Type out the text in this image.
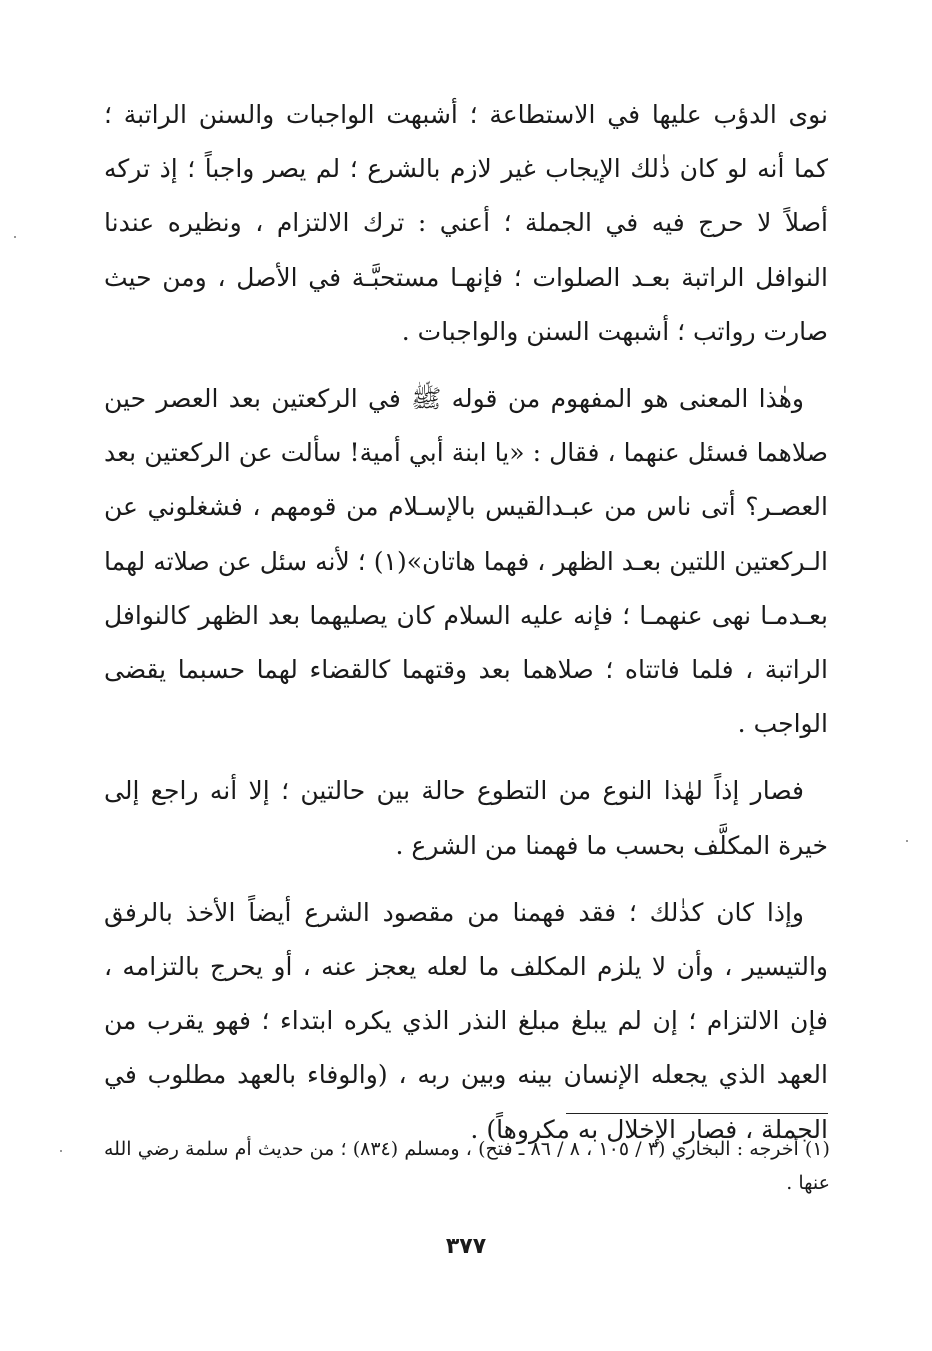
نوى الدؤب عليها في الاستطاعة ؛ أشبهت الواجبات والسنن الراتبة ؛ كما أنه لو كان ذٰلك الإيجاب غير لازم بالشرع ؛ لم يصر واجباً ؛ إذ تركه أصلاً لا حرج فيه في الجملة ؛ أعني : ترك الالتزام ، ونظيره عندنا النوافل الراتبة بعـد الصلوات ؛ فإنهـا مستحبَّـة في الأصل ، ومن حيث صارت رواتب ؛ أشبهت السنن والواجبات .

وهٰذا المعنى هو المفهوم من قوله ﷺ في الركعتين بعد العصر حين صلاهما فسئل عنهما ، فقال : «يا ابنة أبي أمية! سألت عن الركعتين بعد العصـر؟ أتى ناس من عبـدالقيس بالإسـلام من قومهم ، فشغلوني عن الـركعتين اللتين بعـد الظهر ، فهما هاتان»(١) ؛ لأنه سئل عن صلاته لهما بعـدمـا نهى عنهمـا ؛ فإنه عليه السلام كان يصليهما بعد الظهر كالنوافل الراتبة ، فلما فاتتاه ؛ صلاهما بعد وقتهما كالقضاء لهما حسبما يقضى الواجب .

فصار إذاً لهٰذا النوع من التطوع حالة بين حالتين ؛ إلا أنه راجع إلى خيرة المكلَّف بحسب ما فهمنا من الشرع .

وإذا كان كذٰلك ؛ فقد فهمنا من مقصود الشرع أيضاً الأخذ بالرفق والتيسير ، وأن لا يلزم المكلف ما لعله يعجز عنه ، أو يحرج بالتزامه ، فإن الالتزام ؛ إن لم يبلغ مبلغ النذر الذي يكره ابتداء ؛ فهو يقرب من العهد الذي يجعله الإنسان بينه وبين ربه ، (والوفاء بالعهد مطلوب في الجملة ، فصار الإخلال به مكروهاً) .

(١) أخرجه : البخاري (٣ / ١٠٥ ، ٨ / ٨٦ ـ فتح) ، ومسلم (٨٣٤) ؛ من حديث أم سلمة رضي الله عنها .

٣٧٧
